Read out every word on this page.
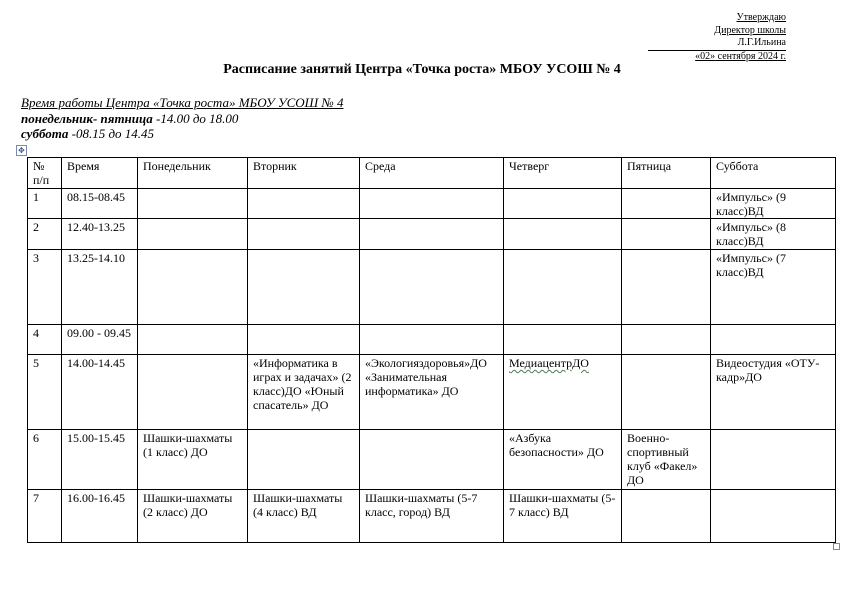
Утверждаю
Директор школы
Л.Г.Ильина
«02» сентября 2024 г.
Расписание занятий Центра «Точка роста» МБОУ УСОШ № 4
Время работы Центра «Точка роста» МБОУ УСОШ № 4
понедельник- пятница -14.00 до 18.00
суббота -08.15 до 14.45
✥
№ п/п	Время	Понедельник	Вторник	Среда	Четверг	Пятница	Суббота
1	08.15-08.45						«Импульс» (9 класс)ВД
2	12.40-13.25						«Импульс» (8 класс)ВД
3	13.25-14.10						«Импульс» (7 класс)ВД
4	09.00 - 09.45						
5	14.00-14.45		«Информатика в играх и задачах» (2 класс)ДО «Юный спасатель» ДО	«Экологияздоровья»ДО «Занимательная информатика» ДО	МедиацентрДО		Видеостудия «ОТУ-кадр»ДО
6	15.00-15.45	Шашки-шахматы (1 класс) ДО			«Азбука безопасности» ДО	Военно-спортивный клуб «Факел» ДО	
7	16.00-16.45	Шашки-шахматы (2 класс) ДО	Шашки-шахматы (4 класс) ВД	Шашки-шахматы (5-7 класс, город) ВД	Шашки-шахматы (5-7 класс) ВД		
